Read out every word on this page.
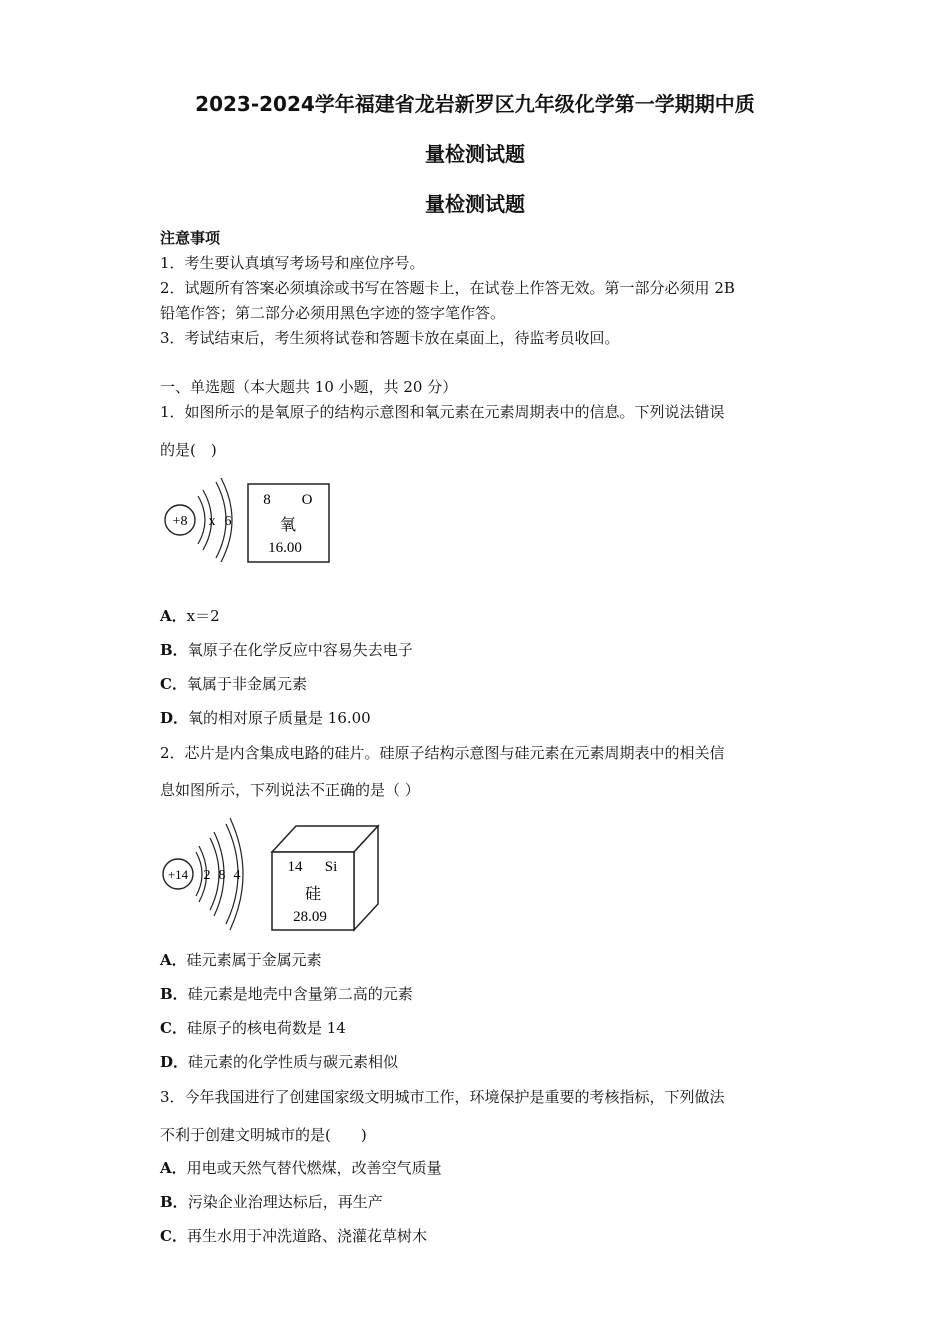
2023-2024学年福建省龙岩新罗区九年级化学第一学期期中质
量检测试题
量检测试题
注意事项
1．考生要认真填写考场号和座位序号。
2．试题所有答案必须填涂或书写在答题卡上，在试卷上作答无效。第一部分必须用 2B
铅笔作答；第二部分必须用黑色字迹的签字笔作答。
3．考试结束后，考生须将试卷和答题卡放在桌面上，待监考员收回。
一、单选题（本大题共 10 小题，共 20 分）
1．如图所示的是氧原子的结构示意图和氧元素在元素周期表中的信息。下列说法错误
的是(　)
+8 x 6
8 O
氧
16.00
A．x＝2
B．氧原子在化学反应中容易失去电子
C．氧属于非金属元素
D．氧的相对原子质量是 16.00
2．芯片是内含集成电路的硅片。硅原子结构示意图与硅元素在元素周期表中的相关信
息如图所示，下列说法不正确的是（ ）
+14 2 8 4
14 Si
硅
28.09
A．硅元素属于金属元素
B．硅元素是地壳中含量第二高的元素
C．硅原子的核电荷数是 14
D．硅元素的化学性质与碳元素相似
3．今年我国进行了创建国家级文明城市工作，环境保护是重要的考核指标，下列做法
不利于创建文明城市的是(　　)
A．用电或天然气替代燃煤，改善空气质量
B．污染企业治理达标后，再生产
C．再生水用于冲洗道路、浇灌花草树木
